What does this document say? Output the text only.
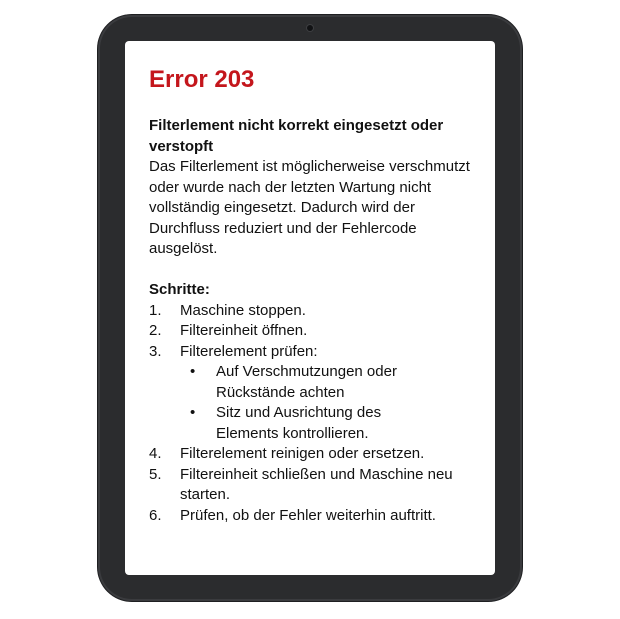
Error 203

Filterlement nicht korrekt eingesetzt oder verstopft

Das Filterlement ist möglicherweise verschmutzt oder wurde nach der letzten Wartung nicht vollständig eingesetzt. Dadurch wird der Durchfluss reduziert und der Fehlercode ausgelöst.

Schritte:

1. Maschine stoppen.
2. Filtereinheit öffnen.
3. Filterelement prüfen:
• Auf Verschmutzungen oder Rückstände achten
• Sitz und Ausrichtung des Elements kontrollieren.
4. Filterelement reinigen oder ersetzen.
5. Filtereinheit schließen und Maschine neu starten.
6. Prüfen, ob der Fehler weiterhin auftritt.
